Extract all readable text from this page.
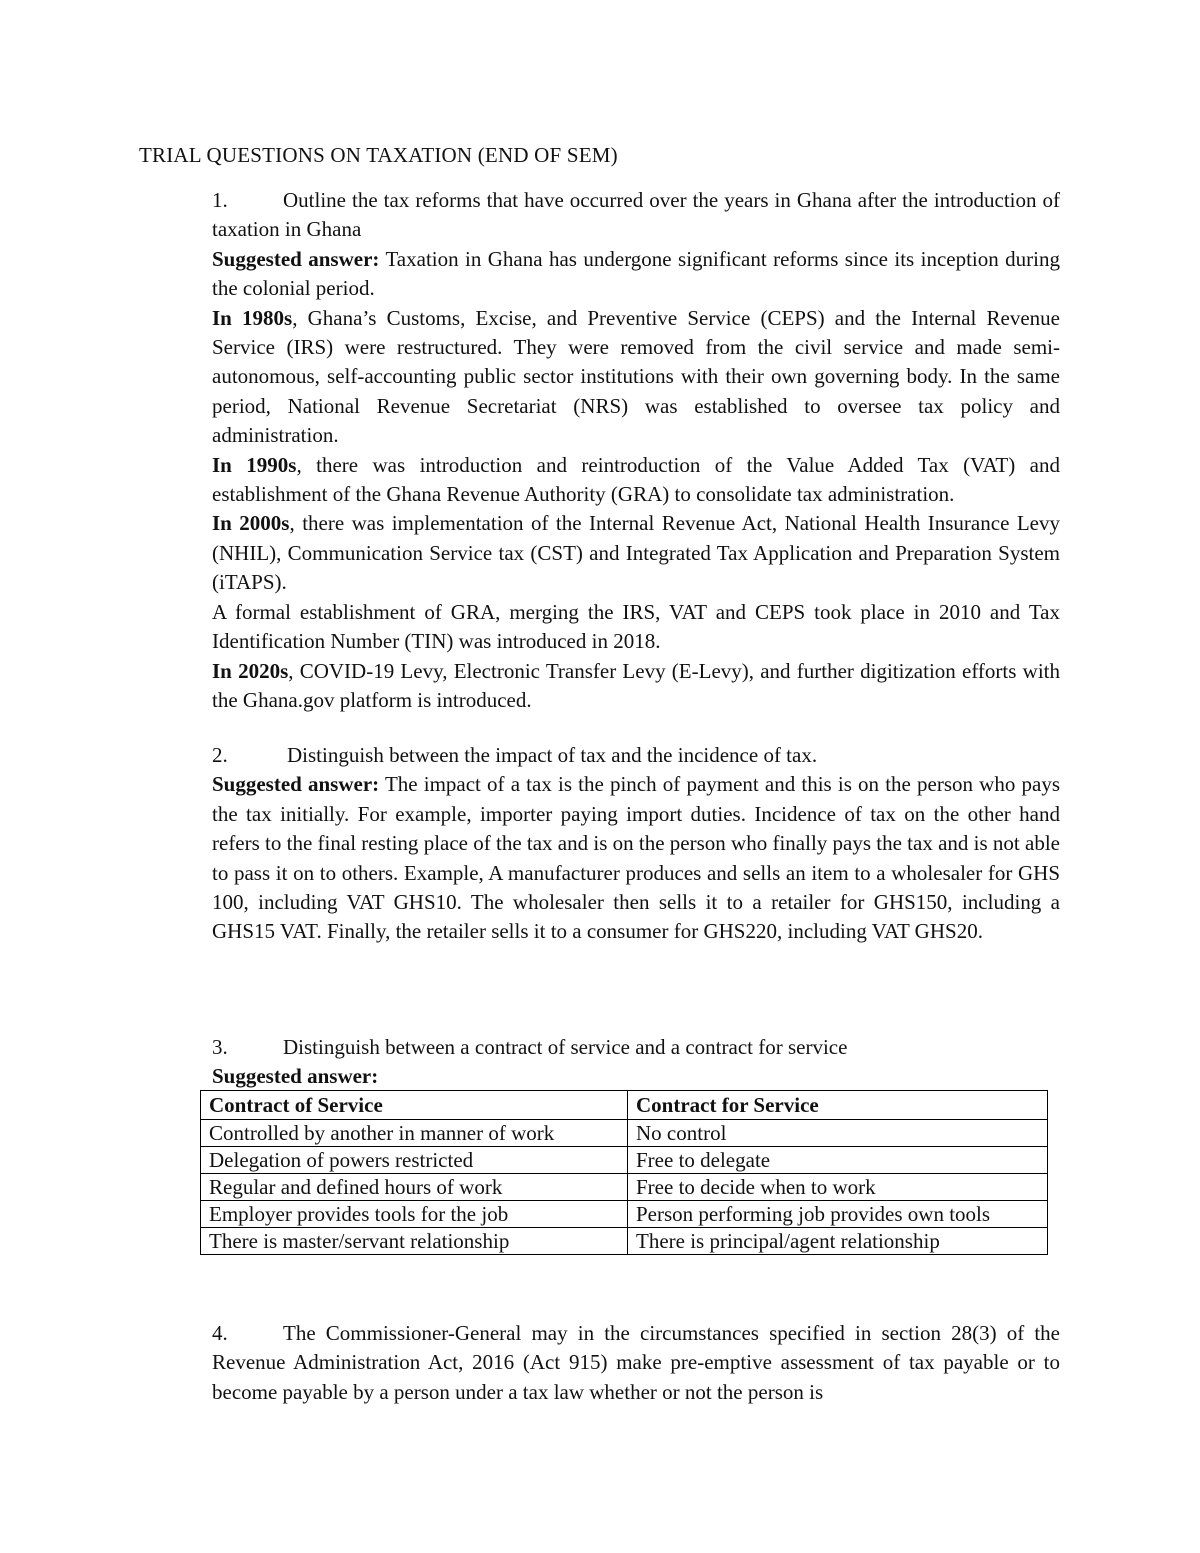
TRIAL QUESTIONS ON TAXATION (END OF SEM)

1.	Outline the tax reforms that have occurred over the years in Ghana after the introduction of taxation in Ghana

Suggested answer: Taxation in Ghana has undergone significant reforms since its inception during the colonial period.

In 1980s, Ghana’s Customs, Excise, and Preventive Service (CEPS) and the Internal Revenue Service (IRS) were restructured. They were removed from the civil service and made semi-autonomous, self-accounting public sector institutions with their own governing body. In the same period, National Revenue Secretariat (NRS) was established to oversee tax policy and administration.

In 1990s, there was introduction and reintroduction of the Value Added Tax (VAT) and establishment of the Ghana Revenue Authority (GRA) to consolidate tax administration.

In 2000s, there was implementation of the Internal Revenue Act, National Health Insurance Levy (NHIL), Communication Service tax (CST) and Integrated Tax Application and Preparation System (iTAPS).

A formal establishment of GRA, merging the IRS, VAT and CEPS took place in 2010 and Tax Identification Number (TIN) was introduced in 2018.

In 2020s, COVID-19 Levy, Electronic Transfer Levy (E-Levy), and further digitization efforts with the Ghana.gov platform is introduced.

2.	Distinguish between the impact of tax and the incidence of tax.

Suggested answer: The impact of a tax is the pinch of payment and this is on the person who pays the tax initially. For example, importer paying import duties. Incidence of tax on the other hand refers to the final resting place of the tax and is on the person who finally pays the tax and is not able to pass it on to others. Example, A manufacturer produces and sells an item to a wholesaler for GHS 100, including VAT GHS10. The wholesaler then sells it to a retailer for GHS150, including a GHS15 VAT. Finally, the retailer sells it to a consumer for GHS220, including VAT GHS20.

3.	Distinguish between a contract of service and a contract for service

Suggested answer:

Contract of Service	Contract for Service
Controlled by another in manner of work	No control
Delegation of powers restricted	Free to delegate
Regular and defined hours of work	Free to decide when to work
Employer provides tools for the job	Person performing job provides own tools
There is master/servant relationship	There is principal/agent relationship

4.	The Commissioner-General may in the circumstances specified in section 28(3) of the Revenue Administration Act, 2016 (Act 915) make pre-emptive assessment of tax payable or to become payable by a person under a tax law whether or not the person is
